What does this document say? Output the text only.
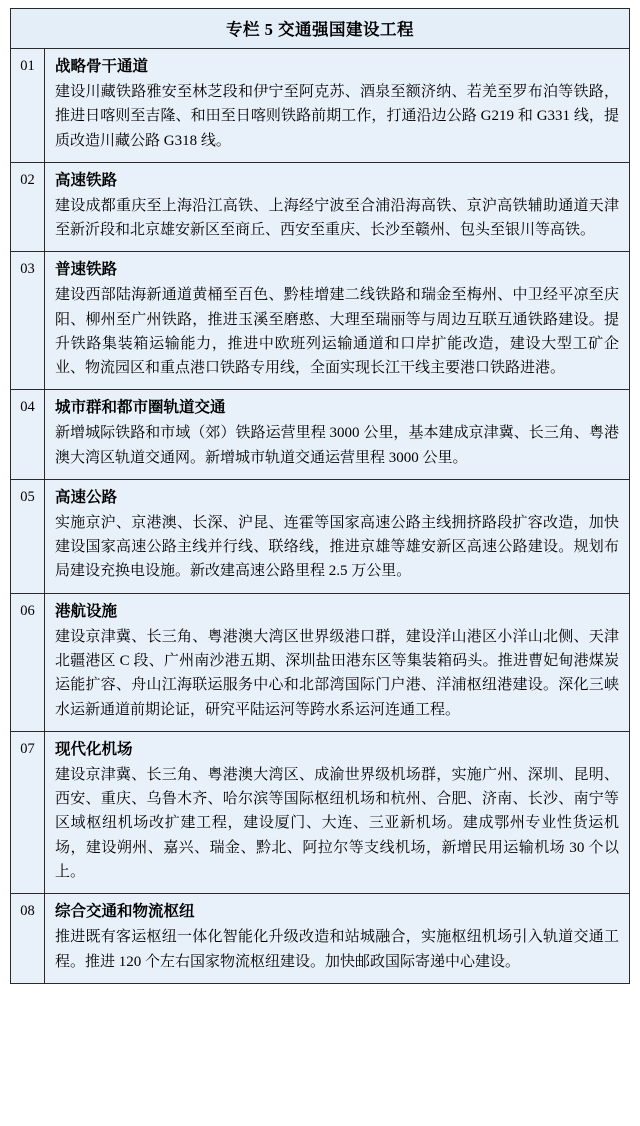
专栏 5 交通强国建设工程
01	战略骨干通道
建设川藏铁路雅安至林芝段和伊宁至阿克苏、酒泉至额济纳、若羌至罗布泊等铁路，推进日喀则至吉隆、和田至日喀则铁路前期工作，打通沿边公路 G219 和 G331 线，提质改造川藏公路 G318 线。
02	高速铁路
建设成都重庆至上海沿江高铁、上海经宁波至合浦沿海高铁、京沪高铁辅助通道天津至新沂段和北京雄安新区至商丘、西安至重庆、长沙至赣州、包头至银川等高铁。
03	普速铁路
建设西部陆海新通道黄桶至百色、黔桂增建二线铁路和瑞金至梅州、中卫经平凉至庆阳、柳州至广州铁路，推进玉溪至磨憨、大理至瑞丽等与周边互联互通铁路建设。提升铁路集装箱运输能力，推进中欧班列运输通道和口岸扩能改造，建设大型工矿企业、物流园区和重点港口铁路专用线，全面实现长江干线主要港口铁路进港。
04	城市群和都市圈轨道交通
新增城际铁路和市域（郊）铁路运营里程 3000 公里，基本建成京津冀、长三角、粤港澳大湾区轨道交通网。新增城市轨道交通运营里程 3000 公里。
05	高速公路
实施京沪、京港澳、长深、沪昆、连霍等国家高速公路主线拥挤路段扩容改造，加快建设国家高速公路主线并行线、联络线，推进京雄等雄安新区高速公路建设。规划布局建设充换电设施。新改建高速公路里程 2.5 万公里。
06	港航设施
建设京津冀、长三角、粤港澳大湾区世界级港口群，建设洋山港区小洋山北侧、天津北疆港区 C 段、广州南沙港五期、深圳盐田港东区等集装箱码头。推进曹妃甸港煤炭运能扩容、舟山江海联运服务中心和北部湾国际门户港、洋浦枢纽港建设。深化三峡水运新通道前期论证，研究平陆运河等跨水系运河连通工程。
07	现代化机场
建设京津冀、长三角、粤港澳大湾区、成渝世界级机场群，实施广州、深圳、昆明、西安、重庆、乌鲁木齐、哈尔滨等国际枢纽机场和杭州、合肥、济南、长沙、南宁等区域枢纽机场改扩建工程，建设厦门、大连、三亚新机场。建成鄂州专业性货运机场，建设朔州、嘉兴、瑞金、黔北、阿拉尔等支线机场，新增民用运输机场 30 个以上。
08	综合交通和物流枢纽
推进既有客运枢纽一体化智能化升级改造和站城融合，实施枢纽机场引入轨道交通工程。推进 120 个左右国家物流枢纽建设。加快邮政国际寄递中心建设。
